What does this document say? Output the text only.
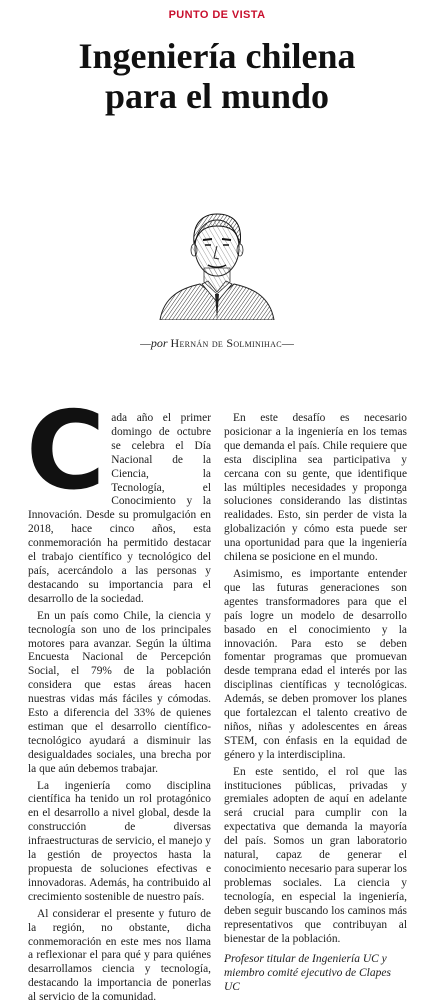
PUNTO DE VISTA
Ingeniería chilena
para el mundo
—por Hernán de Solminihac—
C ada año el primer domingo de octubre se celebra el Día Nacional de la Ciencia, la Tecnología, el Conocimiento y la Innovación. Desde su promulgación en 2018, hace cinco años, esta conmemoración ha permitido destacar el trabajo científico y tecnológico del país, acercándolo a las personas y destacando su importancia para el desarrollo de la sociedad.

En un país como Chile, la ciencia y tecnología son uno de los principales motores para avanzar. Según la última Encuesta Nacional de Percepción Social, el 79% de la población considera que estas áreas hacen nuestras vidas más fáciles y cómodas. Esto a diferencia del 33% de quienes estiman que el desarrollo científico-tecnológico ayudará a disminuir las desigualdades sociales, una brecha por la que aún debemos trabajar.

La ingeniería como disciplina científica ha tenido un rol protagónico en el desarrollo a nivel global, desde la construcción de diversas infraestructuras de servicio, el manejo y la gestión de proyectos hasta la propuesta de soluciones efectivas e innovadoras. Además, ha contribuido al crecimiento sostenible de nuestro país.

Al considerar el presente y futuro de la región, no obstante, dicha conmemoración en este mes nos llama a reflexionar el para qué y para quiénes desarrollamos ciencia y tecnología, destacando la importancia de ponerlas al servicio de la comunidad.

En este desafío es necesario posicionar a la ingeniería en los temas que demanda el país. Chile requiere que esta disciplina sea participativa y cercana con su gente, que identifique las múltiples necesidades y proponga soluciones considerando las distintas realidades. Esto, sin perder de vista la globalización y cómo esta puede ser una oportunidad para que la ingeniería chilena se posicione en el mundo.

Asimismo, es importante entender que las futuras generaciones son agentes transformadores para que el país logre un modelo de desarrollo basado en el conocimiento y la innovación. Para esto se deben fomentar programas que promuevan desde temprana edad el interés por las disciplinas científicas y tecnológicas. Además, se deben promover los planes que fortalezcan el talento creativo de niños, niñas y adolescentes en áreas STEM, con énfasis en la equidad de género y la interdisciplina.

En este sentido, el rol que las instituciones públicas, privadas y gremiales adopten de aquí en adelante será crucial para cumplir con la expectativa que demanda la mayoría del país. Somos un gran laboratorio natural, capaz de generar el conocimiento necesario para superar los problemas sociales. La ciencia y tecnología, en especial la ingeniería, deben seguir buscando los caminos más representativos que contribuyan al bienestar de la población.

Profesor titular de Ingeniería UC y miembro comité ejecutivo de Clapes UC
